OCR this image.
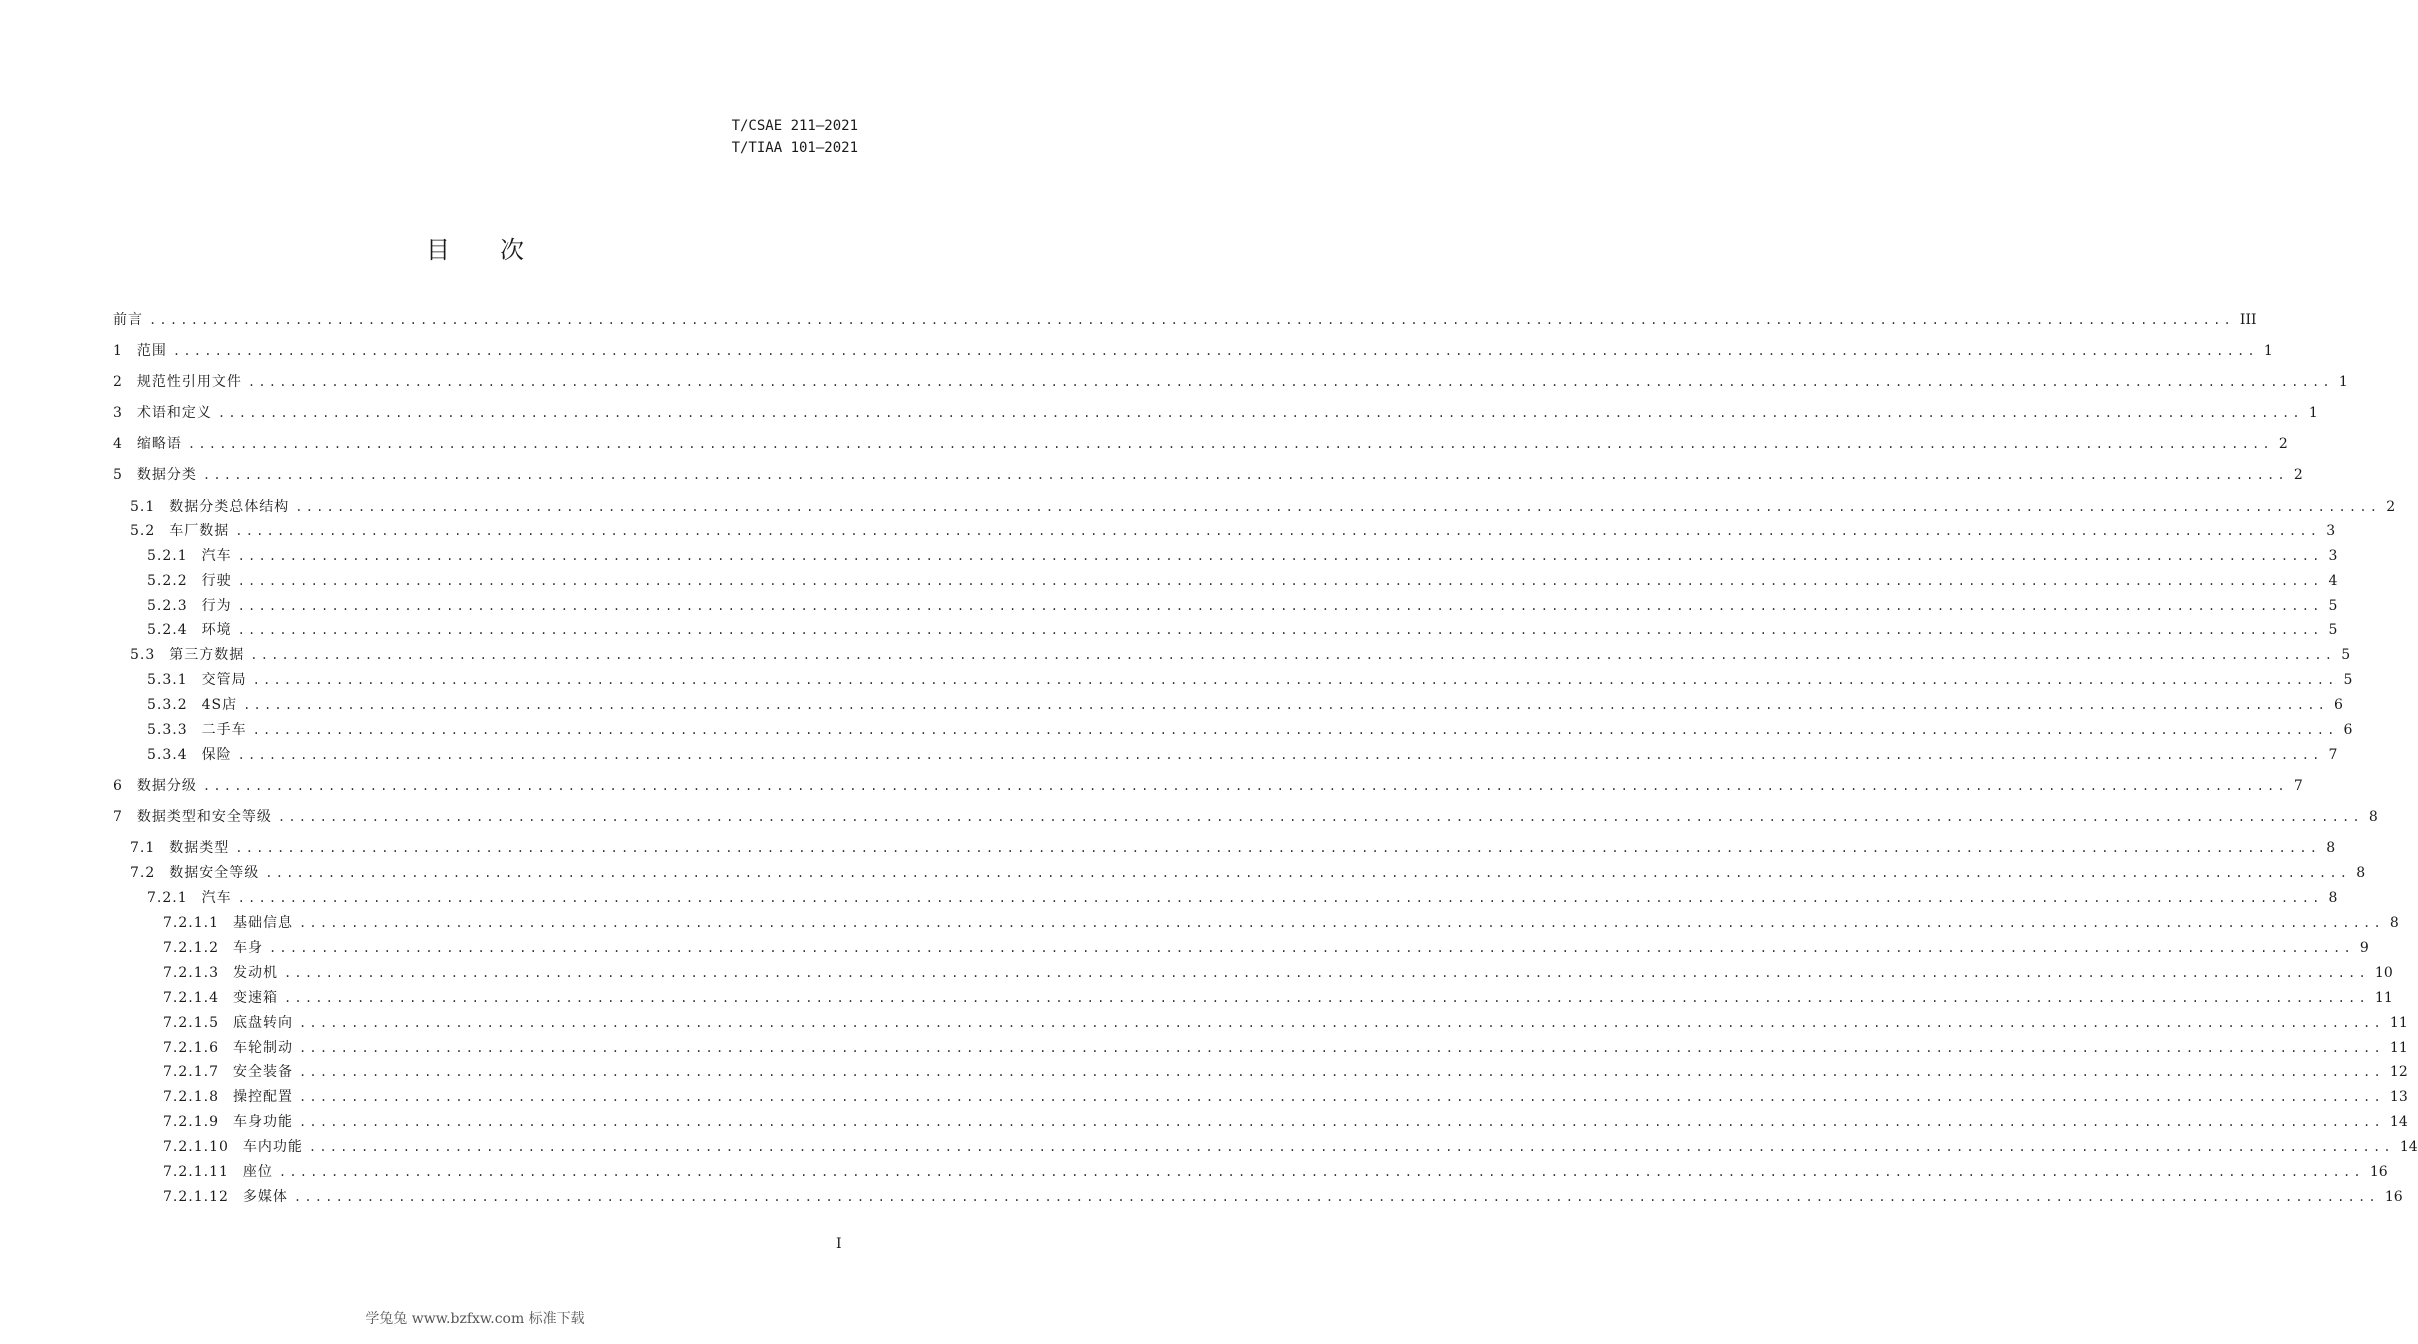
T/CSAE 211—2021
T/TIAA 101—2021
目次
前言 ........................................................................................................................................................................................................ III
1 范围 ........................................................................................................................................................................................................ 1
2 规范性引用文件 ........................................................................................................................................................................................................ 1
3 术语和定义 ........................................................................................................................................................................................................ 1
4 缩略语 ........................................................................................................................................................................................................ 2
5 数据分类 ........................................................................................................................................................................................................ 2
5.1 数据分类总体结构 ........................................................................................................................................................................................................ 2
5.2 车厂数据 ........................................................................................................................................................................................................ 3
5.2.1 汽车 ........................................................................................................................................................................................................ 3
5.2.2 行驶 ........................................................................................................................................................................................................ 4
5.2.3 行为 ........................................................................................................................................................................................................ 5
5.2.4 环境 ........................................................................................................................................................................................................ 5
5.3 第三方数据 ........................................................................................................................................................................................................ 5
5.3.1 交管局 ........................................................................................................................................................................................................ 5
5.3.2 4S店 ........................................................................................................................................................................................................ 6
5.3.3 二手车 ........................................................................................................................................................................................................ 6
5.3.4 保险 ........................................................................................................................................................................................................ 7
6 数据分级 ........................................................................................................................................................................................................ 7
7 数据类型和安全等级 ........................................................................................................................................................................................................ 8
7.1 数据类型 ........................................................................................................................................................................................................ 8
7.2 数据安全等级 ........................................................................................................................................................................................................ 8
7.2.1 汽车 ........................................................................................................................................................................................................ 8
7.2.1.1 基础信息 ........................................................................................................................................................................................................ 8
7.2.1.2 车身 ........................................................................................................................................................................................................ 9
7.2.1.3 发动机 ........................................................................................................................................................................................................ 10
7.2.1.4 变速箱 ........................................................................................................................................................................................................ 11
7.2.1.5 底盘转向 ........................................................................................................................................................................................................ 11
7.2.1.6 车轮制动 ........................................................................................................................................................................................................ 11
7.2.1.7 安全装备 ........................................................................................................................................................................................................ 12
7.2.1.8 操控配置 ........................................................................................................................................................................................................ 13
7.2.1.9 车身功能 ........................................................................................................................................................................................................ 14
7.2.1.10 车内功能 ........................................................................................................................................................................................................ 14
7.2.1.11 座位 ........................................................................................................................................................................................................ 16
7.2.1.12 多媒体 ........................................................................................................................................................................................................ 16
I
学兔兔 www.bzfxw.com 标准下载
